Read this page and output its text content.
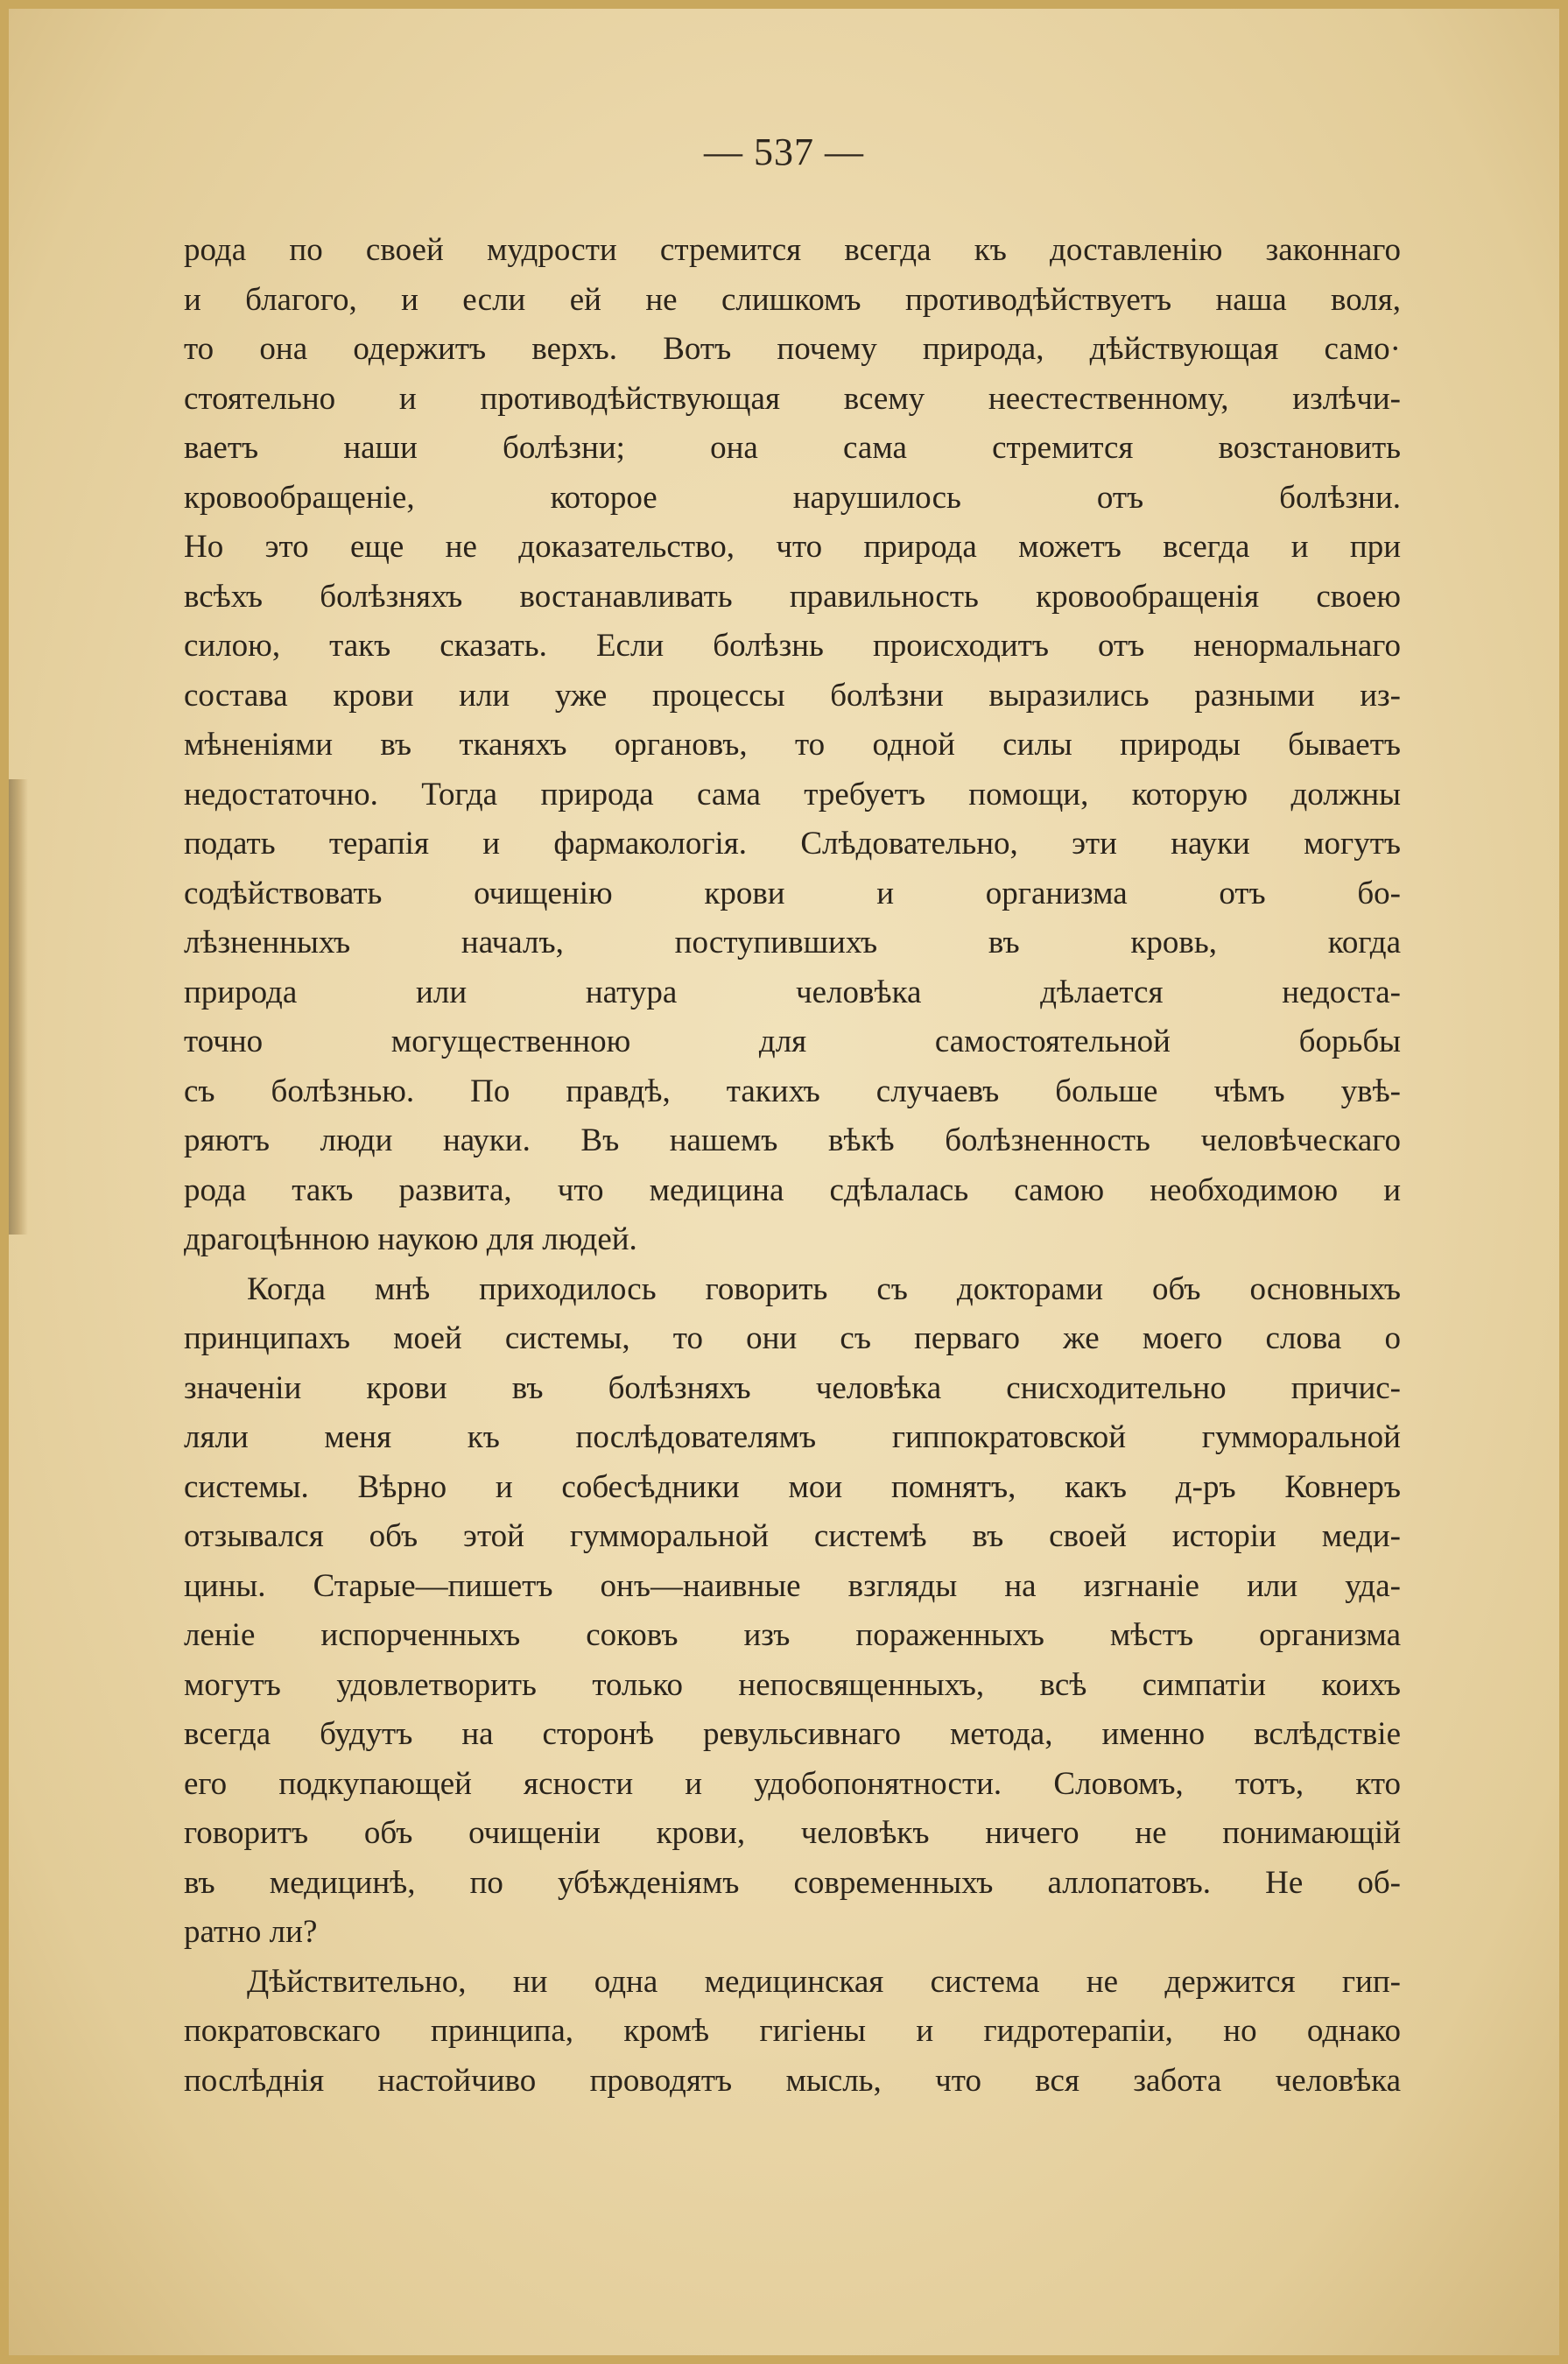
— 537 —
рода по своей мудрости стремится всегда къ доставленію законнаго
и благого, и если ей не слишкомъ противодѣйствуетъ наша воля,
то она одержитъ верхъ. Вотъ почему природа, дѣйствующая само·
стоятельно и противодѣйствующая всему неестественному, излѣчи-
ваетъ наши болѣзни; она сама стремится возстановить
кровообращеніе, которое нарушилось отъ болѣзни.
Но это еще не доказательство, что природа можетъ всегда и при
всѣхъ болѣзняхъ востанавливать правильность кровообращенія своею
силою, такъ сказать. Если болѣзнь происходитъ отъ ненормальнаго
состава крови или уже процессы болѣзни выразились разными из-
мѣненіями въ тканяхъ органовъ, то одной силы природы бываетъ
недостаточно. Тогда природа сама требуетъ помощи, которую должны
подать терапія и фармакологія. Слѣдовательно, эти науки могутъ
содѣйствовать очищенію крови и организма отъ бо-
лѣзненныхъ началъ, поступившихъ въ кровь, когда
природа или натура человѣка дѣлается недоста-
точно могущественною для самостоятельной борьбы
съ болѣзнью. По правдѣ, такихъ случаевъ больше чѣмъ увѣ-
ряютъ люди науки. Въ нашемъ вѣкѣ болѣзненность человѣческаго
рода такъ развита, что медицина сдѣлалась самою необходимою и
драгоцѣнною наукою для людей.
Когда мнѣ приходилось говорить съ докторами объ основныхъ
принципахъ моей системы, то они съ перваго же моего слова о
значеніи крови въ болѣзняхъ человѣка снисходительно причис-
ляли меня къ послѣдователямъ гиппократовской гуммоpальной
системы. Вѣрно и собесѣдники мои помнятъ, какъ д-ръ Ковнеръ
отзывался объ этой гуммоpальной системѣ въ своей исторіи меди-
цины. Старые—пишетъ онъ—наивные взгляды на изгнаніе или уда-
леніе испорченныхъ соковъ изъ пораженныхъ мѣстъ организма
могутъ удовлетворить только непосвященныхъ, всѣ симпатіи коихъ
всегда будутъ на сторонѣ ревульсивнаго метода, именно вслѣдствіе
его подкупающей ясности и удобопонятности. Словомъ, тотъ, кто
говоритъ объ очищеніи крови, человѣкъ ничего не понимающій
въ медицинѣ, по убѣжденіямъ современныхъ аллопатовъ. Не об-
ратно ли?
Дѣйствительно, ни одна медицинская система не держится гип-
пократовскаго принципа, кромѣ гигіены и гидротерапіи, но однако
послѣднія настойчиво проводятъ мысль, что вся забота человѣка
